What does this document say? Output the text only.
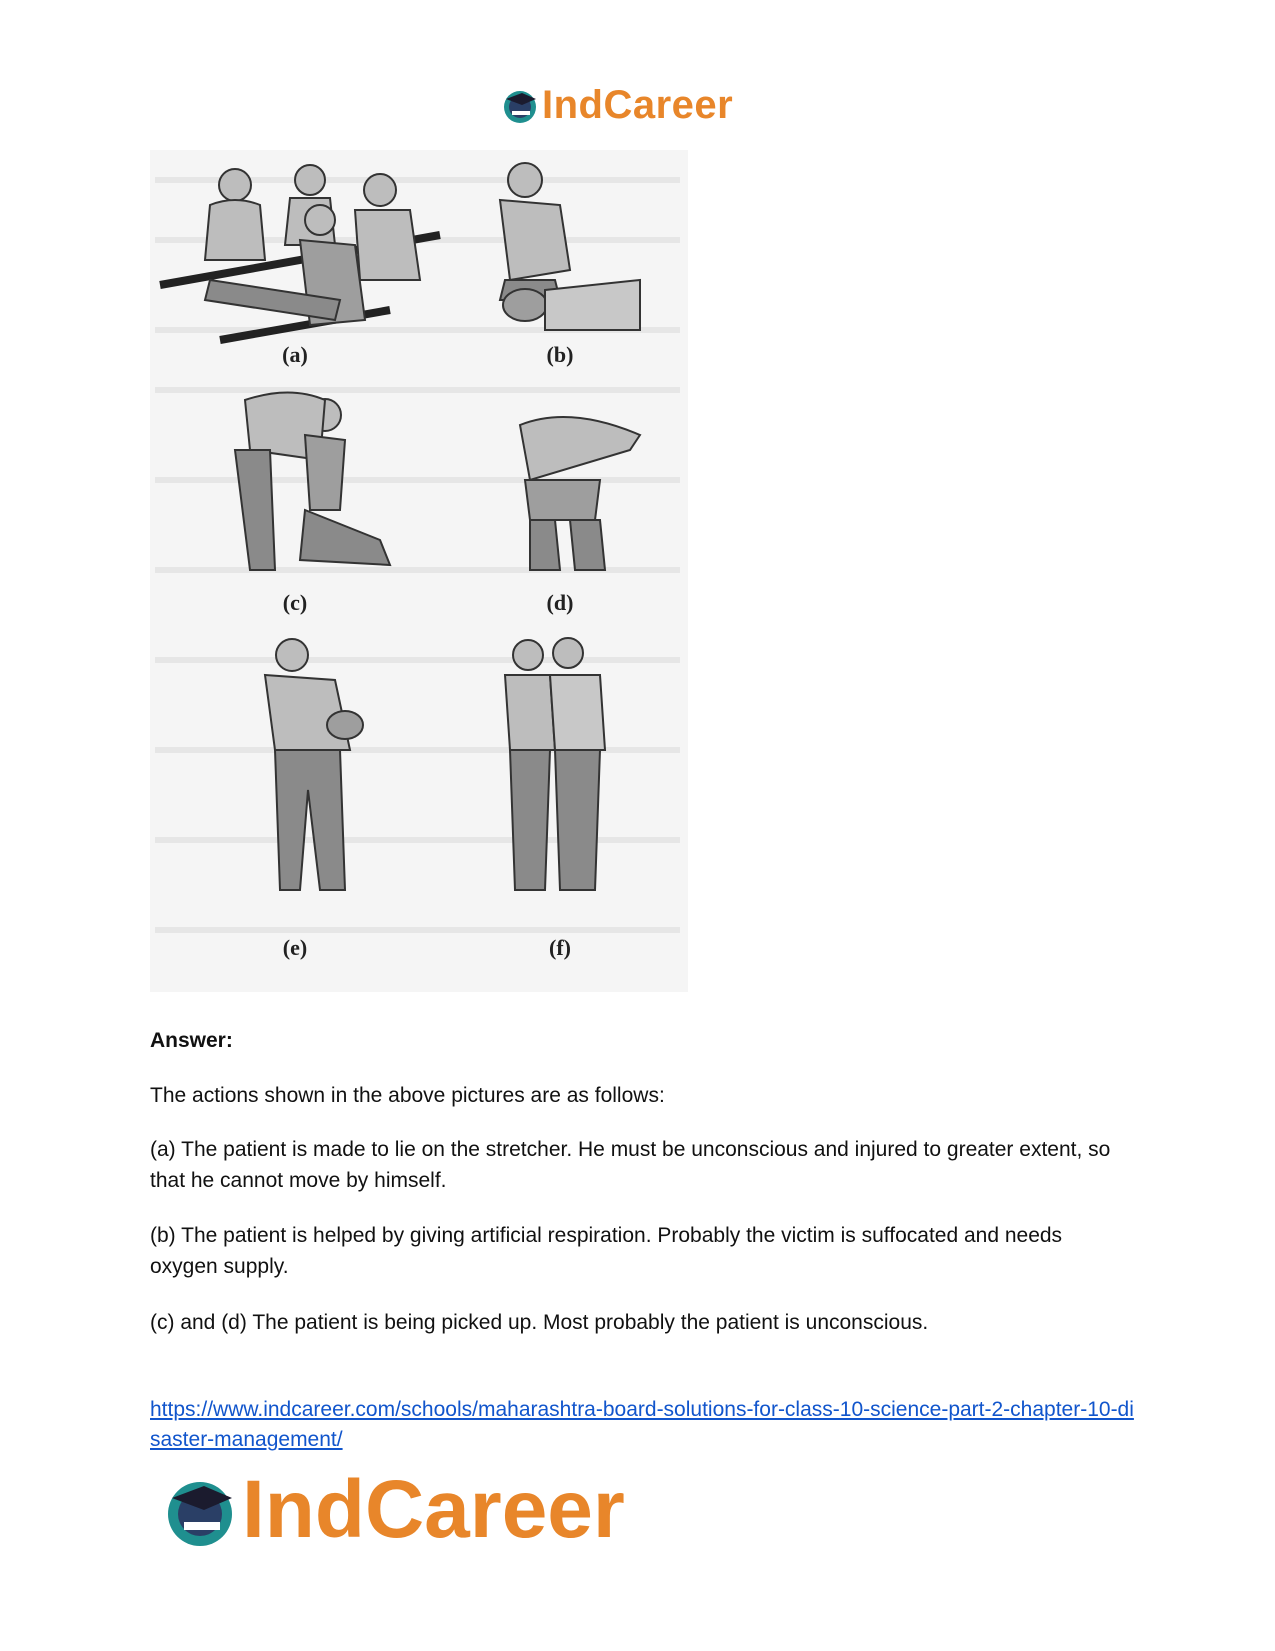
IndCareer
(a)	(b)
(c)	(d)
(e)	(f)
Answer:
The actions shown in the above pictures are as follows:
(a) The patient is made to lie on the stretcher. He must be unconscious and injured to greater extent, so that he cannot move by himself.
(b) The patient is helped by giving artificial respiration. Probably the victim is suffocated and needs oxygen supply.
(c) and (d) The patient is being picked up. Most probably the patient is unconscious.
https://www.indcareer.com/schools/maharashtra-board-solutions-for-class-10-science-part-2-chapter-10-disaster-management/
IndCareer
